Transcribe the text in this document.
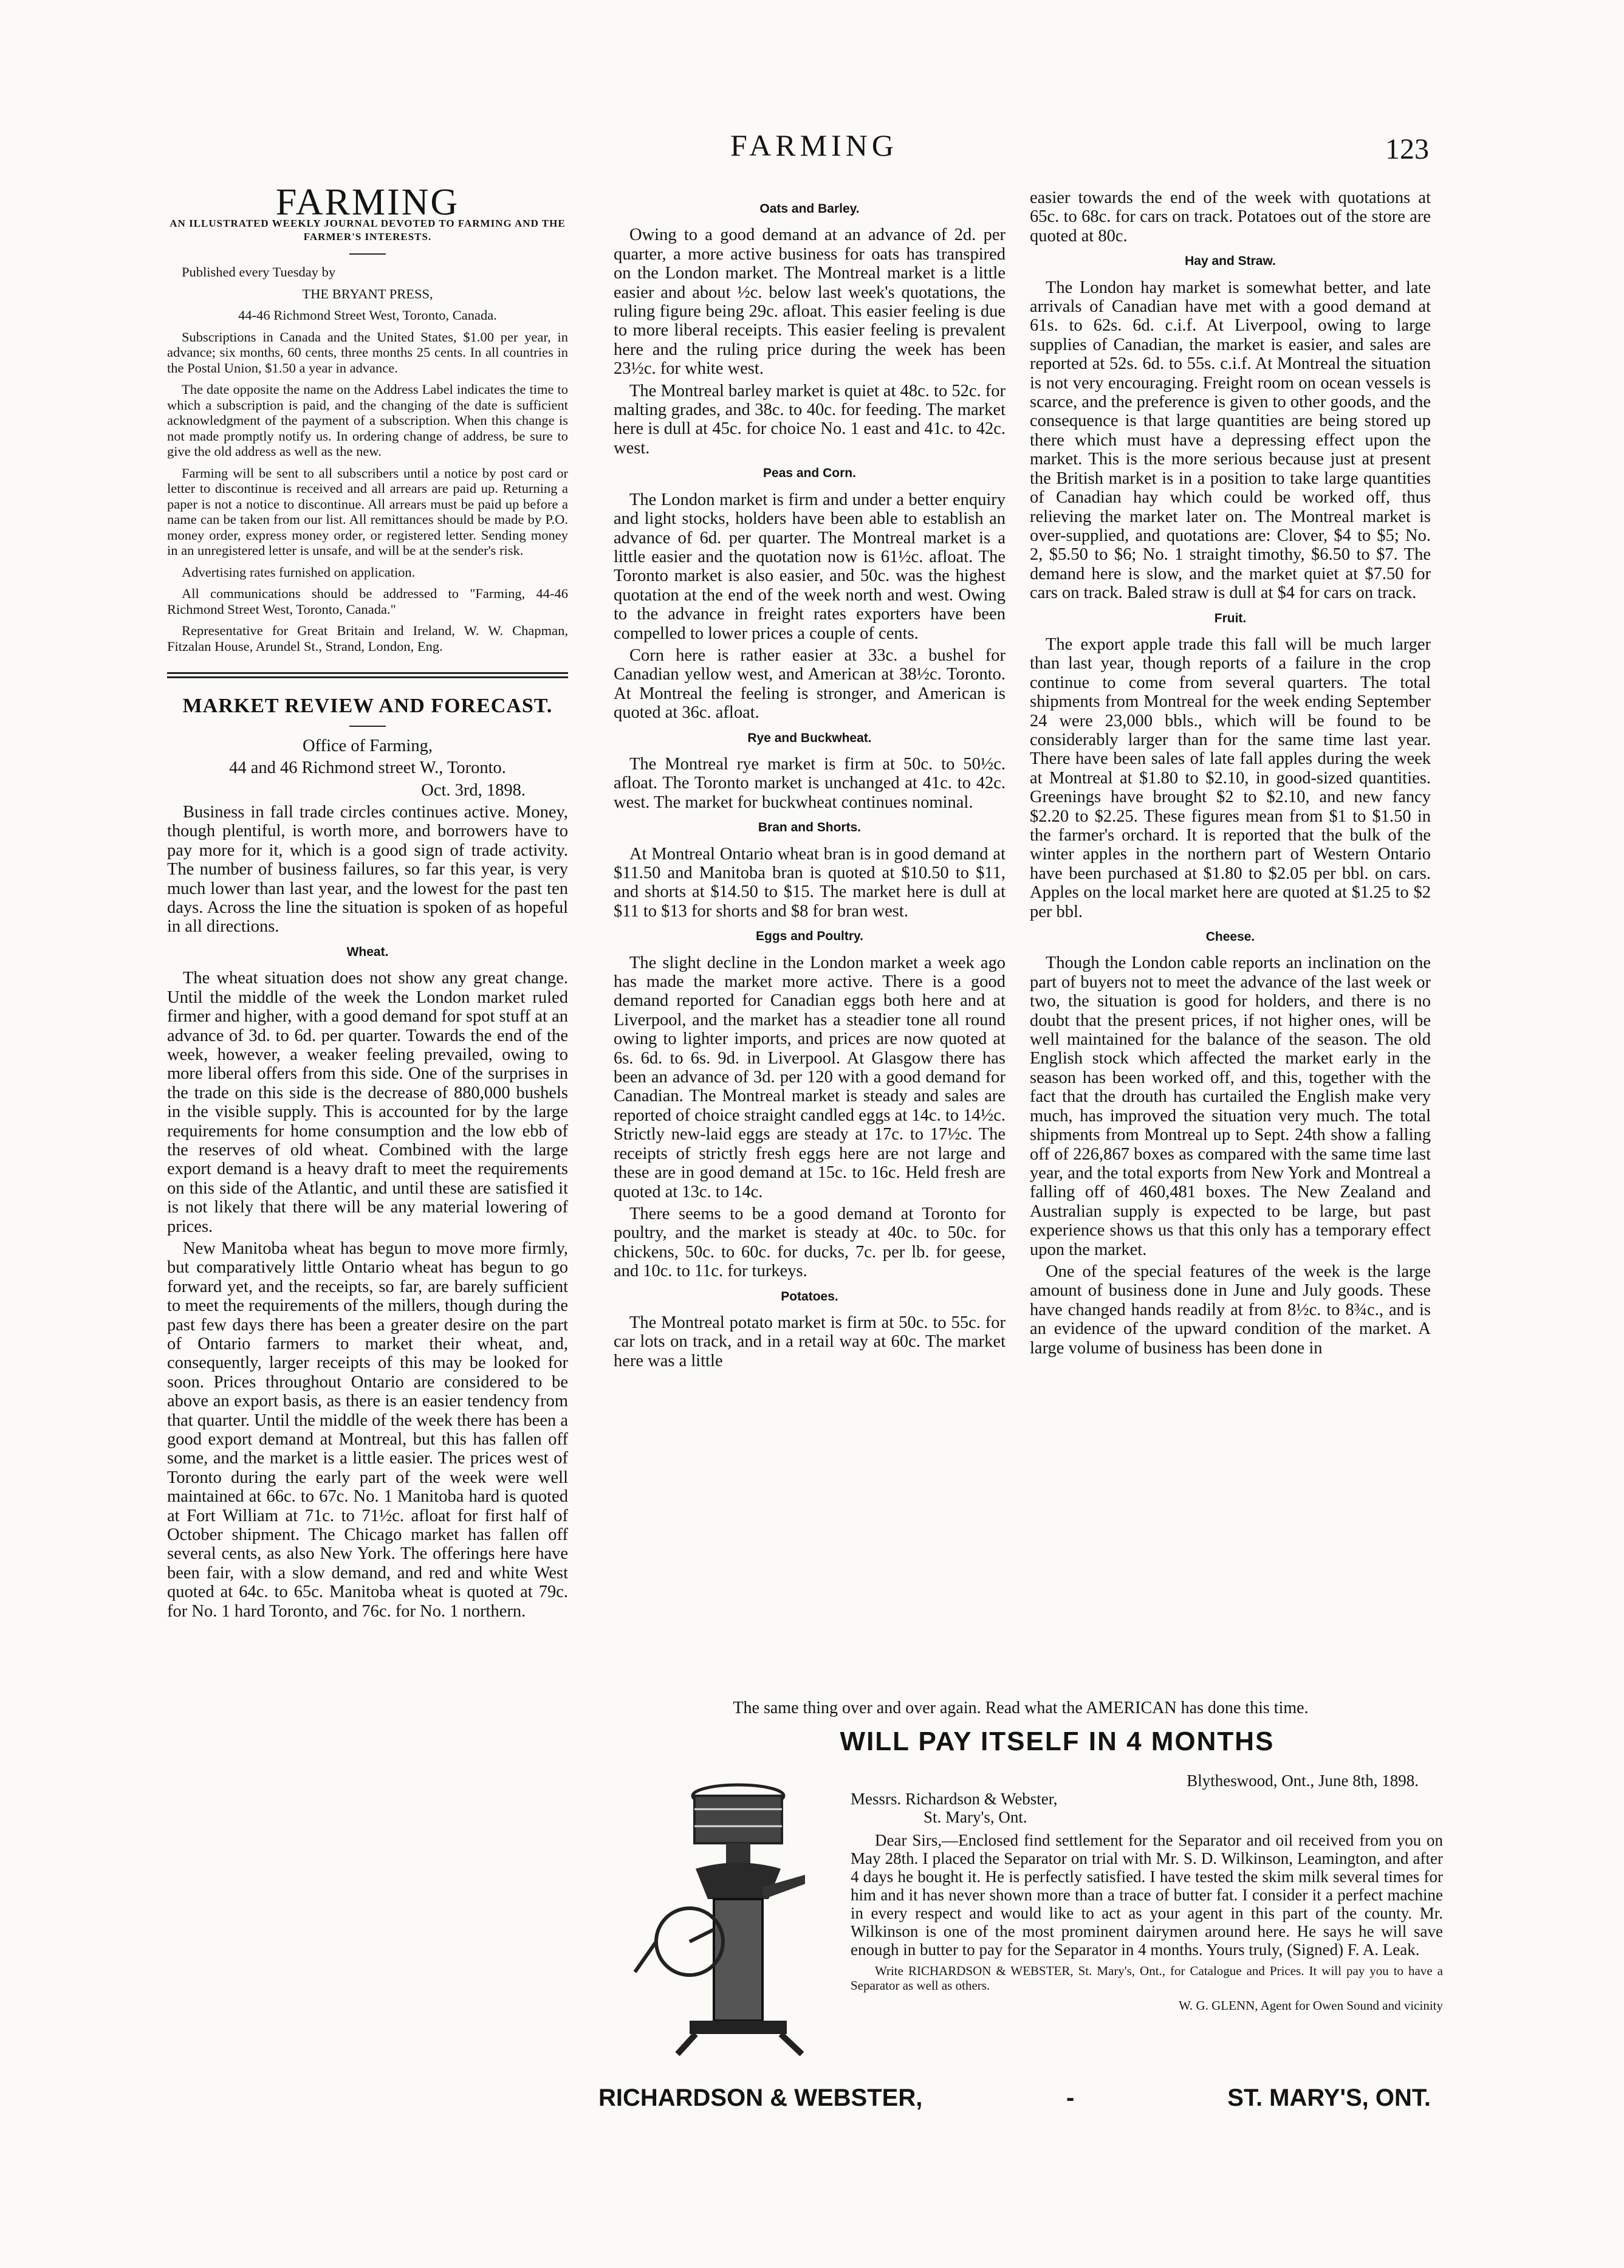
FARMING	123
FARMING
AN ILLUSTRATED WEEKLY JOURNAL DEVOTED TO FARMING AND THE FARMER'S INTERESTS.

Published every Tuesday by

THE BRYANT PRESS,

44-46 Richmond Street West, Toronto, Canada.

Subscriptions in Canada and the United States, $1.00 per year, in advance; six months, 60 cents, three months 25 cents. In all countries in the Postal Union, $1.50 a year in advance.

The date opposite the name on the Address Label indicates the time to which a subscription is paid, and the changing of the date is sufficient acknowledgment of the payment of a subscription. When this change is not made promptly notify us. In ordering change of address, be sure to give the old address as well as the new.

Farming will be sent to all subscribers until a notice by post card or letter to discontinue is received and all arrears are paid up. Returning a paper is not a notice to discontinue. All arrears must be paid up before a name can be taken from our list. All remittances should be made by P.O. money order, express money order, or registered letter. Sending money in an unregistered letter is unsafe, and will be at the sender's risk.

Advertising rates furnished on application.

All communications should be addressed to "Farming, 44-46 Richmond Street West, Toronto, Canada."

Representative for Great Britain and Ireland, W. W. Chapman, Fitzalan House, Arundel St., Strand, London, Eng.

MARKET REVIEW AND FORECAST.

Office of Farming,

44 and 46 Richmond street W., Toronto.

Oct. 3rd, 1898.

Business in fall trade circles continues active. Money, though plentiful, is worth more, and borrowers have to pay more for it, which is a good sign of trade activity. The number of business failures, so far this year, is very much lower than last year, and the lowest for the past ten days. Across the line the situation is spoken of as hopeful in all directions.

Wheat.

The wheat situation does not show any great change. Until the middle of the week the London market ruled firmer and higher, with a good demand for spot stuff at an advance of 3d. to 6d. per quarter. Towards the end of the week, however, a weaker feeling prevailed, owing to more liberal offers from this side. One of the surprises in the trade on this side is the decrease of 880,000 bushels in the visible supply. This is accounted for by the large requirements for home consumption and the low ebb of the reserves of old wheat. Combined with the large export demand is a heavy draft to meet the requirements on this side of the Atlantic, and until these are satisfied it is not likely that there will be any material lowering of prices.

New Manitoba wheat has begun to move more firmly, but comparatively little Ontario wheat has begun to go forward yet, and the receipts, so far, are barely sufficient to meet the requirements of the millers, though during the past few days there has been a greater desire on the part of Ontario farmers to market their wheat, and, consequently, larger receipts of this may be looked for soon. Prices throughout Ontario are considered to be above an export basis, as there is an easier tendency from that quarter. Until the middle of the week there has been a good export demand at Montreal, but this has fallen off some, and the market is a little easier. The prices west of Toronto during the early part of the week were well maintained at 66c. to 67c. No. 1 Manitoba hard is quoted at Fort William at 71c. to 71½c. afloat for first half of October shipment. The Chicago market has fallen off several cents, as also New York. The offerings here have been fair, with a slow demand, and red and white West quoted at 64c. to 65c. Manitoba wheat is quoted at 79c. for No. 1 hard Toronto, and 76c. for No. 1 northern.

Oats and Barley.

Owing to a good demand at an advance of 2d. per quarter, a more active business for oats has transpired on the London market. The Montreal market is a little easier and about ½c. below last week's quotations, the ruling figure being 29c. afloat. This easier feeling is due to more liberal receipts. This easier feeling is prevalent here and the ruling price during the week has been 23½c. for white west.

The Montreal barley market is quiet at 48c. to 52c. for malting grades, and 38c. to 40c. for feeding. The market here is dull at 45c. for choice No. 1 east and 41c. to 42c. west.

Peas and Corn.

The London market is firm and under a better enquiry and light stocks, holders have been able to establish an advance of 6d. per quarter. The Montreal market is a little easier and the quotation now is 61½c. afloat. The Toronto market is also easier, and 50c. was the highest quotation at the end of the week north and west. Owing to the advance in freight rates exporters have been compelled to lower prices a couple of cents.

Corn here is rather easier at 33c. a bushel for Canadian yellow west, and American at 38½c. Toronto. At Montreal the feeling is stronger, and American is quoted at 36c. afloat.

Rye and Buckwheat.

The Montreal rye market is firm at 50c. to 50½c. afloat. The Toronto market is unchanged at 41c. to 42c. west. The market for buckwheat continues nominal.

Bran and Shorts.

At Montreal Ontario wheat bran is in good demand at $11.50 and Manitoba bran is quoted at $10.50 to $11, and shorts at $14.50 to $15. The market here is dull at $11 to $13 for shorts and $8 for bran west.

Eggs and Poultry.

The slight decline in the London market a week ago has made the market more active. There is a good demand reported for Canadian eggs both here and at Liverpool, and the market has a steadier tone all round owing to lighter imports, and prices are now quoted at 6s. 6d. to 6s. 9d. in Liverpool. At Glasgow there has been an advance of 3d. per 120 with a good demand for Canadian. The Montreal market is steady and sales are reported of choice straight candled eggs at 14c. to 14½c. Strictly new-laid eggs are steady at 17c. to 17½c. The receipts of strictly fresh eggs here are not large and these are in good demand at 15c. to 16c. Held fresh are quoted at 13c. to 14c.

There seems to be a good demand at Toronto for poultry, and the market is steady at 40c. to 50c. for chickens, 50c. to 60c. for ducks, 7c. per lb. for geese, and 10c. to 11c. for turkeys.

Potatoes.

The Montreal potato market is firm at 50c. to 55c. for car lots on track, and in a retail way at 60c. The market here was a little

easier towards the end of the week with quotations at 65c. to 68c. for cars on track. Potatoes out of the store are quoted at 80c.

Hay and Straw.

The London hay market is somewhat better, and late arrivals of Canadian have met with a good demand at 61s. to 62s. 6d. c.i.f. At Liverpool, owing to large supplies of Canadian, the market is easier, and sales are reported at 52s. 6d. to 55s. c.i.f. At Montreal the situation is not very encouraging. Freight room on ocean vessels is scarce, and the preference is given to other goods, and the consequence is that large quantities are being stored up there which must have a depressing effect upon the market. This is the more serious because just at present the British market is in a position to take large quantities of Canadian hay which could be worked off, thus relieving the market later on. The Montreal market is over-supplied, and quotations are: Clover, $4 to $5; No. 2, $5.50 to $6; No. 1 straight timothy, $6.50 to $7. The demand here is slow, and the market quiet at $7.50 for cars on track. Baled straw is dull at $4 for cars on track.

Fruit.

The export apple trade this fall will be much larger than last year, though reports of a failure in the crop continue to come from several quarters. The total shipments from Montreal for the week ending September 24 were 23,000 bbls., which will be found to be considerably larger than for the same time last year. There have been sales of late fall apples during the week at Montreal at $1.80 to $2.10, in good-sized quantities. Greenings have brought $2 to $2.10, and new fancy $2.20 to $2.25. These figures mean from $1 to $1.50 in the farmer's orchard. It is reported that the bulk of the winter apples in the northern part of Western Ontario have been purchased at $1.80 to $2.05 per bbl. on cars. Apples on the local market here are quoted at $1.25 to $2 per bbl.

Cheese.

Though the London cable reports an inclination on the part of buyers not to meet the advance of the last week or two, the situation is good for holders, and there is no doubt that the present prices, if not higher ones, will be well maintained for the balance of the season. The old English stock which affected the market early in the season has been worked off, and this, together with the fact that the drouth has curtailed the English make very much, has improved the situation very much. The total shipments from Montreal up to Sept. 24th show a falling off of 226,867 boxes as compared with the same time last year, and the total exports from New York and Montreal a falling off of 460,481 boxes. The New Zealand and Australian supply is expected to be large, but past experience shows us that this only has a temporary effect upon the market.

One of the special features of the week is the large amount of business done in June and July goods. These have changed hands readily at from 8½c. to 8¾c., and is an evidence of the upward condition of the market. A large volume of business has been done in

The same thing over and over again. Read what the AMERICAN has done this time.
WILL PAY ITSELF IN 4 MONTHS

Blytheswood, Ont., June 8th, 1898.

Messrs. Richardson & Webster,

St. Mary's, Ont.

Dear Sirs,—Enclosed find settlement for the Separator and oil received from you on May 28th. I placed the Separator on trial with Mr. S. D. Wilkinson, Leamington, and after 4 days he bought it. He is perfectly satisfied. I have tested the skim milk several times for him and it has never shown more than a trace of butter fat. I consider it a perfect machine in every respect and would like to act as your agent in this part of the county. Mr. Wilkinson is one of the most prominent dairymen around here. He says he will save enough in butter to pay for the Separator in 4 months. Yours truly, (Signed) F. A. Leak.

Write RICHARDSON & WEBSTER, St. Mary's, Ont., for Catalogue and Prices. It will pay you to have a Separator as well as others.

W. G. GLENN, Agent for Owen Sound and vicinity

RICHARDSON & WEBSTER,	-	ST. MARY'S, ONT.
